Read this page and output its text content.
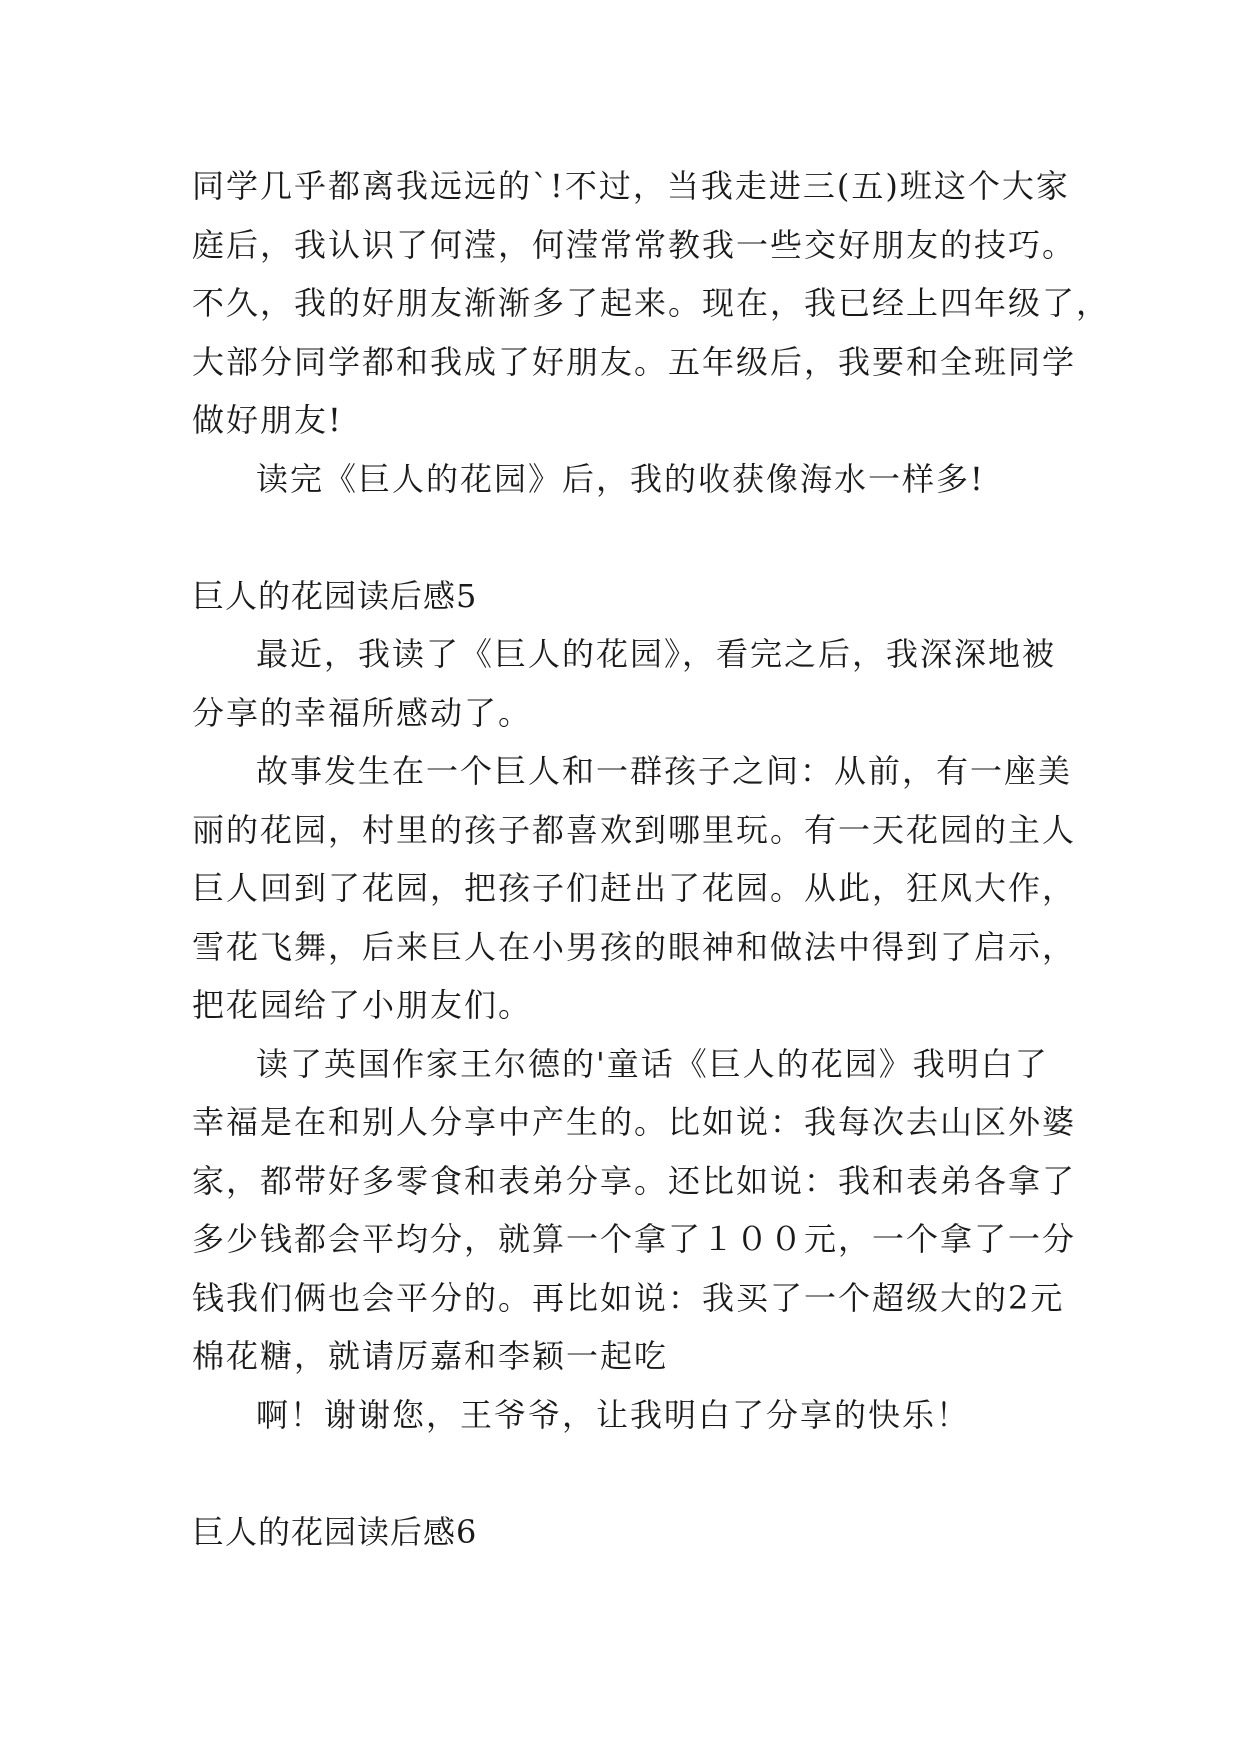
同学几乎都离我远远的`!不过，当我走进三(五)班这个大家
庭后，我认识了何滢，何滢常常教我一些交好朋友的技巧。
不久，我的好朋友渐渐多了起来。现在，我已经上四年级了，
大部分同学都和我成了好朋友。五年级后，我要和全班同学
做好朋友!
读完《巨人的花园》后，我的收获像海水一样多!
巨人的花园读后感5
最近，我读了《巨人的花园》，看完之后，我深深地被
分享的幸福所感动了。
故事发生在一个巨人和一群孩子之间：从前，有一座美
丽的花园，村里的孩子都喜欢到哪里玩。有一天花园的主人
巨人回到了花园，把孩子们赶出了花园。从此，狂风大作，
雪花飞舞，后来巨人在小男孩的眼神和做法中得到了启示，
把花园给了小朋友们。
读了英国作家王尔德的'童话《巨人的花园》我明白了
幸福是在和别人分享中产生的。比如说：我每次去山区外婆
家，都带好多零食和表弟分享。还比如说：我和表弟各拿了
多少钱都会平均分，就算一个拿了１００元，一个拿了一分
钱我们俩也会平分的。再比如说：我买了一个超级大的2元
棉花糖，就请厉嘉和李颖一起吃
啊！谢谢您，王爷爷，让我明白了分享的快乐！
巨人的花园读后感6
